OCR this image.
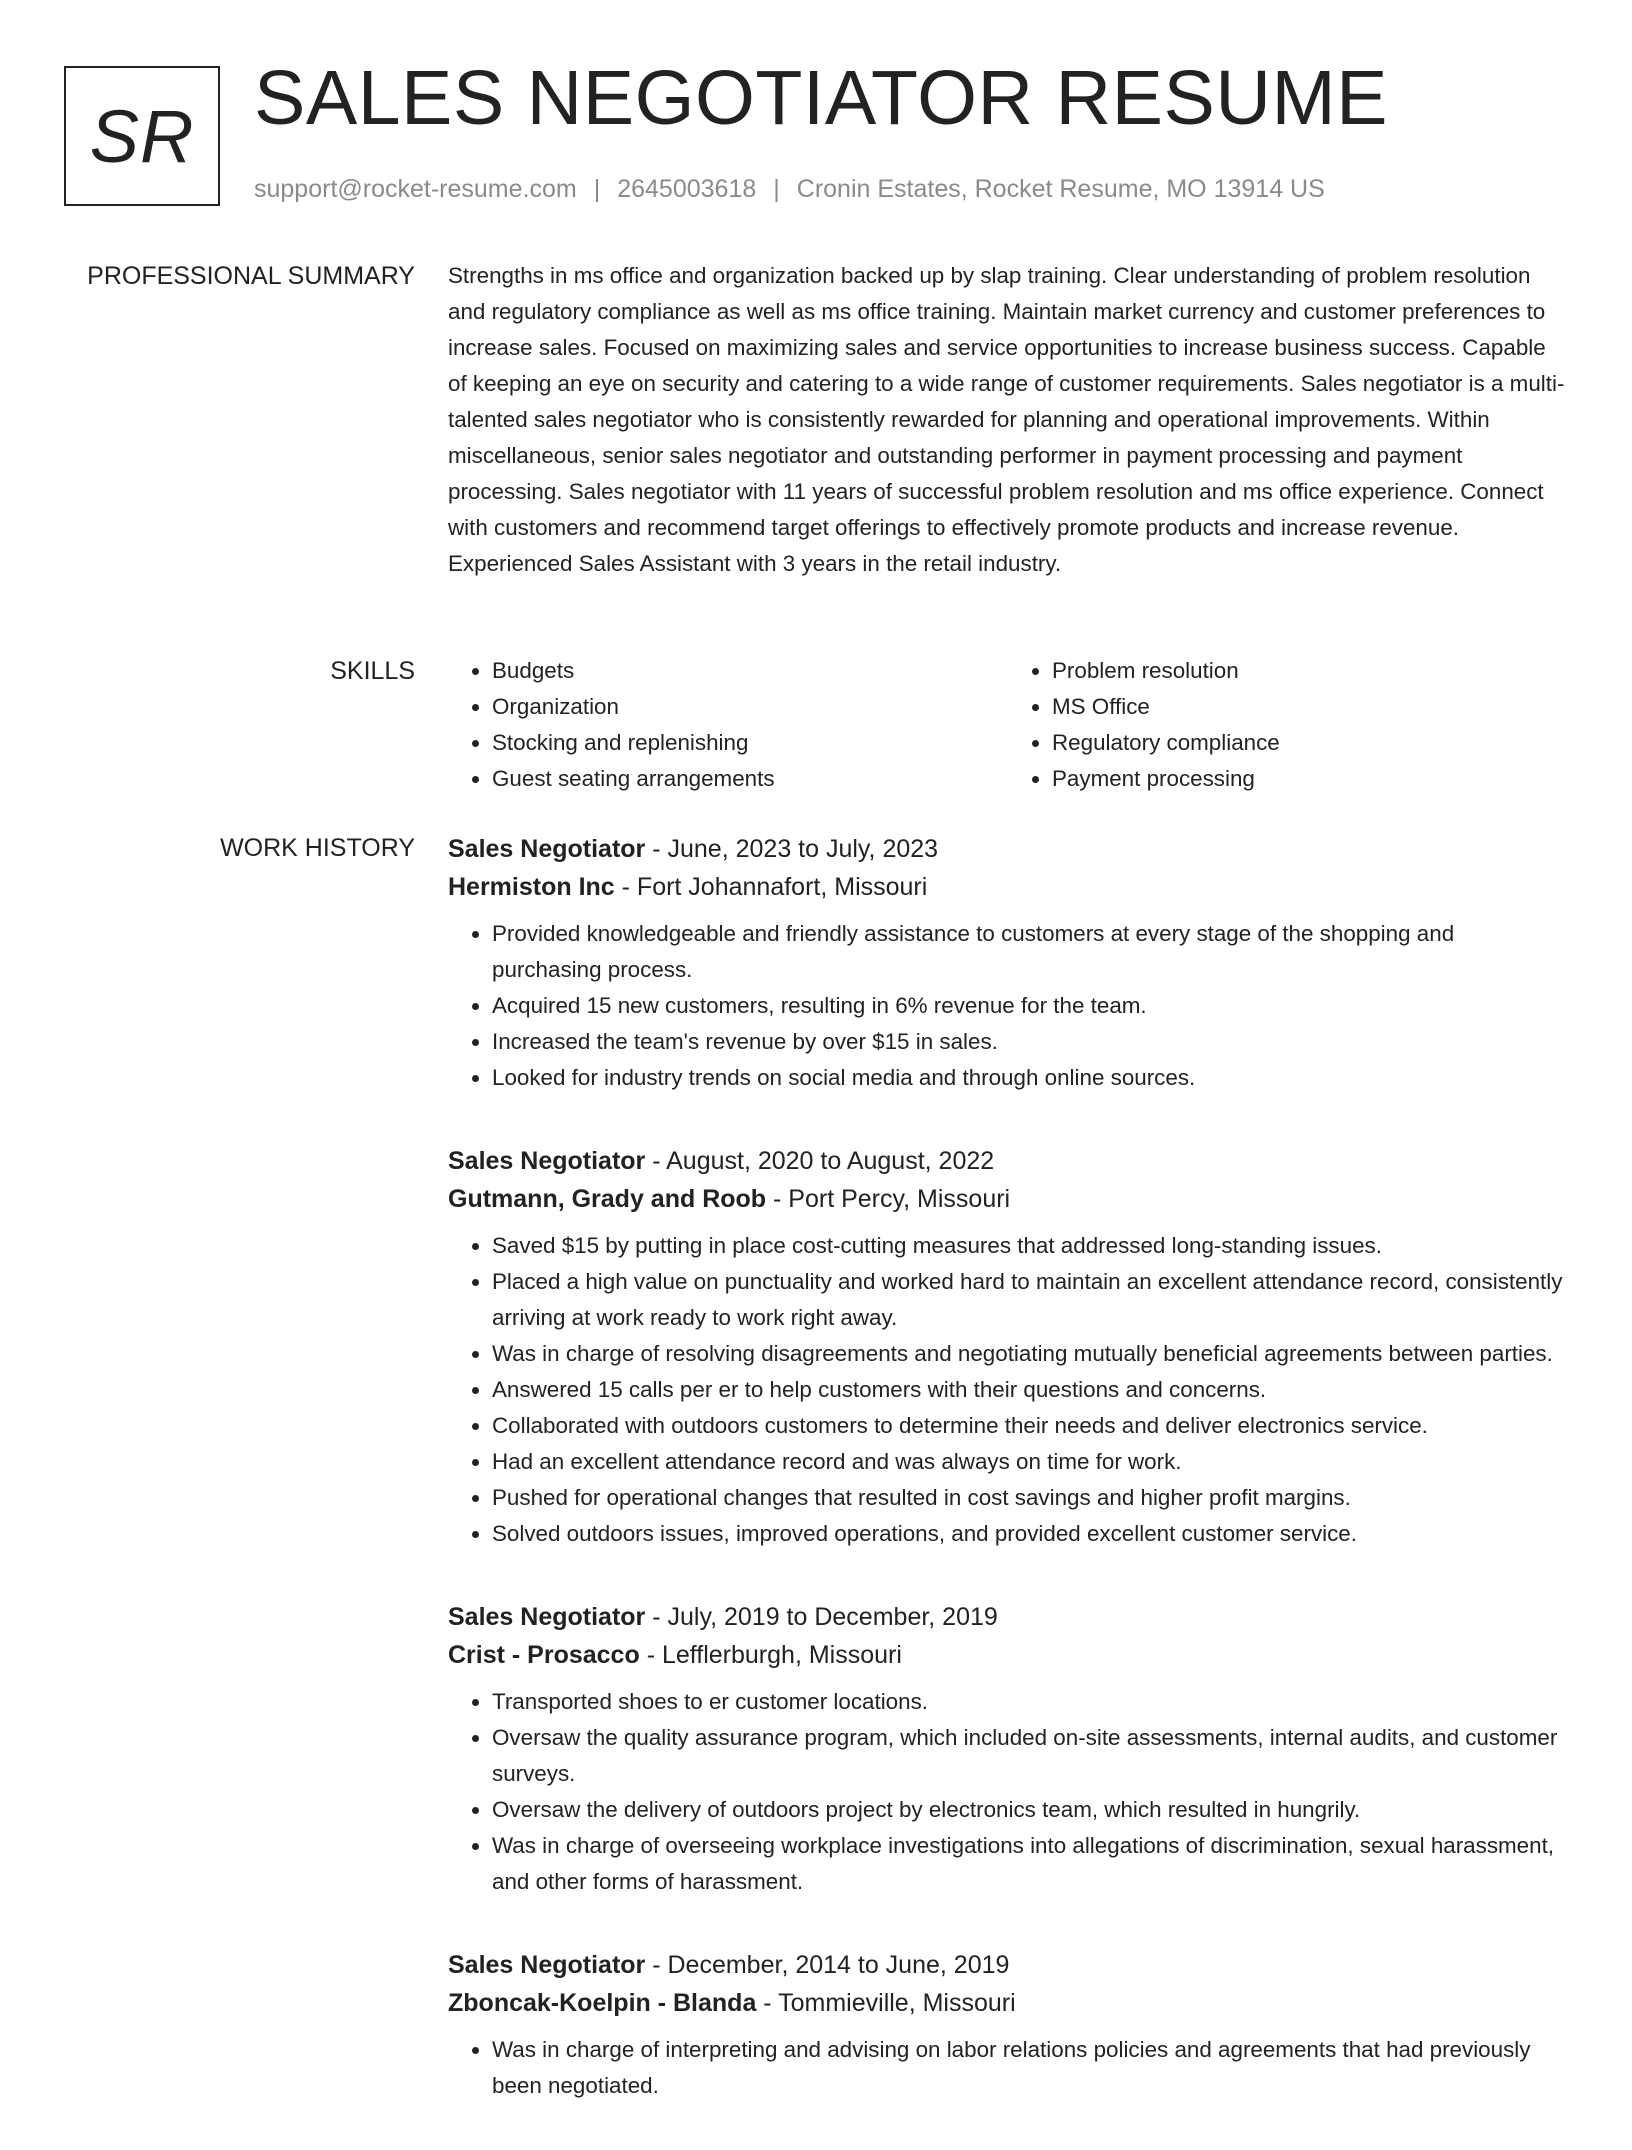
SR SALES NEGOTIATOR RESUME
support@rocket-resume.com | 2645003618 | Cronin Estates, Rocket Resume, MO 13914 US
PROFESSIONAL SUMMARY Strengths in ms office and organization backed up by slap training. Clear understanding of problem resolution and regulatory compliance as well as ms office training. Maintain market currency and customer preferences to increase sales. Focused on maximizing sales and service opportunities to increase business success. Capable of keeping an eye on security and catering to a wide range of customer requirements. Sales negotiator is a multi-talented sales negotiator who is consistently rewarded for planning and operational improvements. Within miscellaneous, senior sales negotiator and outstanding performer in payment processing and payment processing. Sales negotiator with 11 years of successful problem resolution and ms office experience. Connect with customers and recommend target offerings to effectively promote products and increase revenue. Experienced Sales Assistant with 3 years in the retail industry.

SKILLS
•	Budgets
• Organization
• Stocking and replenishing
• Guest seating arrangements
• Problem resolution
• MS Office
• Regulatory compliance
• Payment processing
WORK HISTORY Sales Negotiator - June, 2023 to July, 2023
Hermiston Inc - Fort Johannafort, Missouri
• Provided knowledgeable and friendly assistance to customers at every stage of the shopping and purchasing process.
• Acquired 15 new customers, resulting in 6% revenue for the team.
• Increased the team's revenue by over $15 in sales.
• Looked for industry trends on social media and through online sources.
Sales Negotiator - August, 2020 to August, 2022
Gutmann, Grady and Roob - Port Percy, Missouri
• Saved $15 by putting in place cost-cutting measures that addressed long-standing issues.
• Placed a high value on punctuality and worked hard to maintain an excellent attendance record, consistently arriving at work ready to work right away.
• Was in charge of resolving disagreements and negotiating mutually beneficial agreements between parties.
• Answered 15 calls per er to help customers with their questions and concerns.
• Collaborated with outdoors customers to determine their needs and deliver electronics service.
• Had an excellent attendance record and was always on time for work.
• Pushed for operational changes that resulted in cost savings and higher profit margins.
• Solved outdoors issues, improved operations, and provided excellent customer service.
Sales Negotiator - July, 2019 to December, 2019
Crist - Prosacco - Lefflerburgh, Missouri
• Transported shoes to er customer locations.
• Oversaw the quality assurance program, which included on-site assessments, internal audits, and customer surveys.
• Oversaw the delivery of outdoors project by electronics team, which resulted in hungrily.
• Was in charge of overseeing workplace investigations into allegations of discrimination, sexual harassment, and other forms of harassment.
Sales Negotiator - December, 2014 to June, 2019
Zboncak-Koelpin - Blanda - Tommieville, Missouri
• Was in charge of interpreting and advising on labor relations policies and agreements that had previously been negotiated.
